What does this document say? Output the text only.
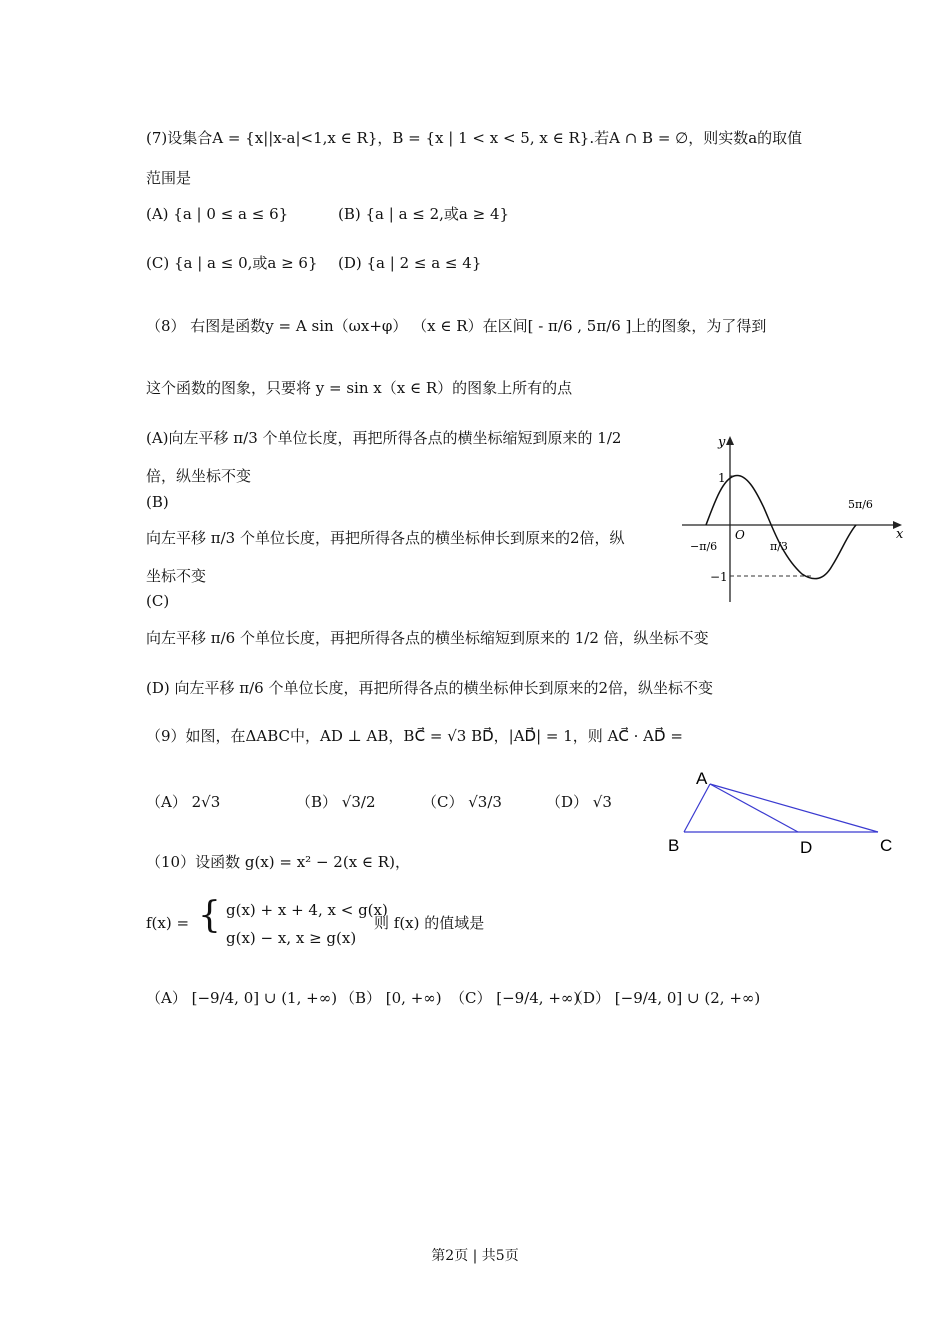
(7)设集合A = {x||x-a|<1,x ∈ R}，B = {x | 1 < x < 5, x ∈ R}.若A ∩ B = ∅，则实数a的取值
范围是
(A) {a | 0 ≤ a ≤ 6}	(B) {a | a ≤ 2,或a ≥ 4}
(C) {a | a ≤ 0,或a ≥ 6} (D) {a | 2 ≤ a ≤ 4}
（8） 右图是函数y = A sin（ωx+φ） （x ∈ R）在区间[ - π/6 , 5π/6 ]上的图象，为了得到
这个函数的图象，只要将 y = sin x（x ∈ R）的图象上所有的点
(A)向左平移 π/3 个单位长度，再把所得各点的横坐标缩短到原来的 1/2
倍，纵坐标不变
(B)
向左平移 π/3 个单位长度，再把所得各点的横坐标伸长到原来的2倍，纵
坐标不变
(C)
向左平移 π/6 个单位长度，再把所得各点的横坐标缩短到原来的 1/2 倍，纵坐标不变
(D) 向左平移 π/6 个单位长度，再把所得各点的横坐标伸长到原来的2倍，纵坐标不变
y
x
O
1
−1
−π/6	π/3
5π/6
（9）如图，在ΔABC中，AD ⊥ AB，BC⃗ = √3 BD⃗，|AD⃗| = 1，则 AC⃗ · AD⃗ =
（A） 2√3	（B） √3/2	（C） √3/3	（D） √3
A
B	D	C
（10）设函数 g(x) = x² − 2(x ∈ R)，
f(x) = { g(x) + x + 4, x < g(x)
g(x) − x, x ≥ g(x)
则 f(x) 的值域是
（A） [−9/4, 0] ∪ (1, +∞) （B） [0, +∞) （C） [−9/4, +∞)
（D） [−9/4, 0] ∪ (2, +∞)
第2页 | 共5页
